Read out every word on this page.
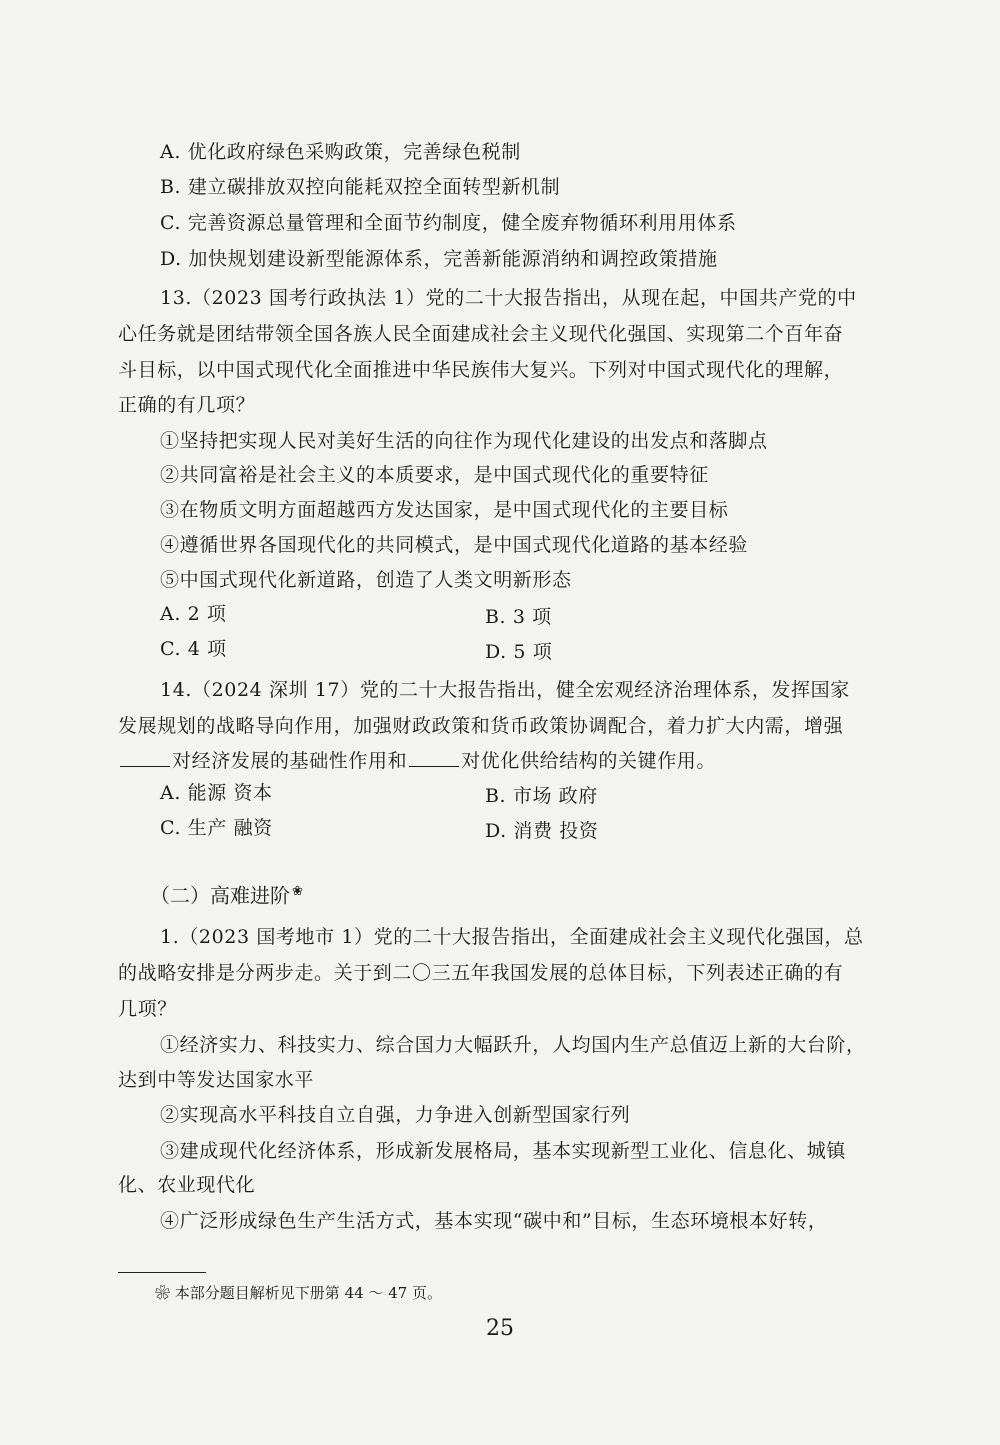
A. 优化政府绿色采购政策，完善绿色税制
B. 建立碳排放双控向能耗双控全面转型新机制
C. 完善资源总量管理和全面节约制度，健全废弃物循环利用用体系
D. 加快规划建设新型能源体系，完善新能源消纳和调控政策措施
13.（2023 国考行政执法 1）党的二十大报告指出，从现在起，中国共产党的中
心任务就是团结带领全国各族人民全面建成社会主义现代化强国、实现第二个百年奋
斗目标，以中国式现代化全面推进中华民族伟大复兴。下列对中国式现代化的理解，
正确的有几项？
①坚持把实现人民对美好生活的向往作为现代化建设的出发点和落脚点
②共同富裕是社会主义的本质要求，是中国式现代化的重要特征
③在物质文明方面超越西方发达国家，是中国式现代化的主要目标
④遵循世界各国现代化的共同模式，是中国式现代化道路的基本经验
⑤中国式现代化新道路，创造了人类文明新形态
A. 2 项	B. 3 项
C. 4 项	D. 5 项
14.（2024 深圳 17）党的二十大报告指出，健全宏观经济治理体系，发挥国家
发展规划的战略导向作用，加强财政政策和货币政策协调配合，着力扩大内需，增强
对经济发展的基础性作用和	对优化供给结构的关键作用。
A. 能源 资本	B. 市场 政府
C. 生产 融资	D. 消费 投资
（二）高难进阶 ❀
1.（2023 国考地市 1）党的二十大报告指出，全面建成社会主义现代化强国，总
的战略安排是分两步走。关于到二〇三五年我国发展的总体目标，下列表述正确的有
几项？
①经济实力、科技实力、综合国力大幅跃升，人均国内生产总值迈上新的大台阶，
达到中等发达国家水平
②实现高水平科技自立自强，力争进入创新型国家行列
③建成现代化经济体系，形成新发展格局，基本实现新型工业化、信息化、城镇
化、农业现代化
④广泛形成绿色生产生活方式，基本实现“碳中和”目标，生态环境根本好转，
❀ 本部分题目解析见下册第 44 ～ 47 页。
25
